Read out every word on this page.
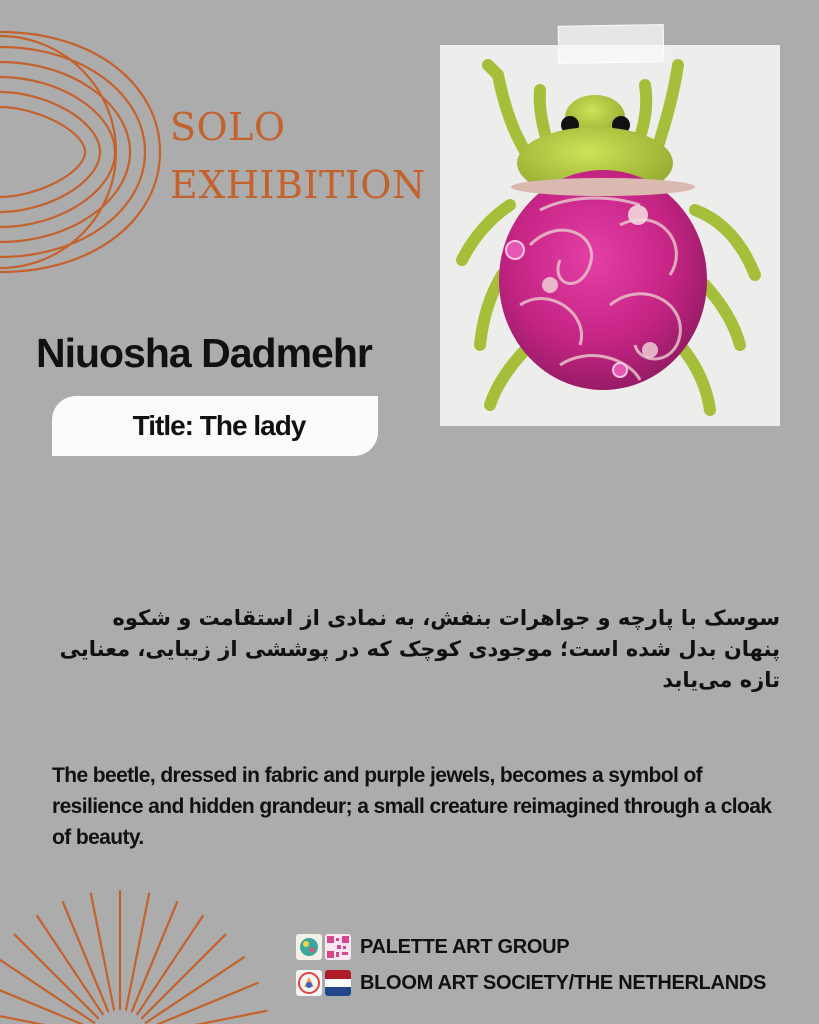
SOLO
EXHIBITION
Niuosha Dadmehr
Title: The lady
سوسک با پارچه و جواهرات بنفش، به نمادی از استقامت و شکوه پنهان بدل شده است؛ موجودی کوچک که در پوششی از زیبایی، معنایی تازه می‌یابد
The beetle, dressed in fabric and purple jewels, becomes a symbol of resilience and hidden grandeur; a small creature reimagined through a cloak of beauty.
PALETTE ART GROUP
BLOOM ART SOCIETY/THE NETHERLANDS
